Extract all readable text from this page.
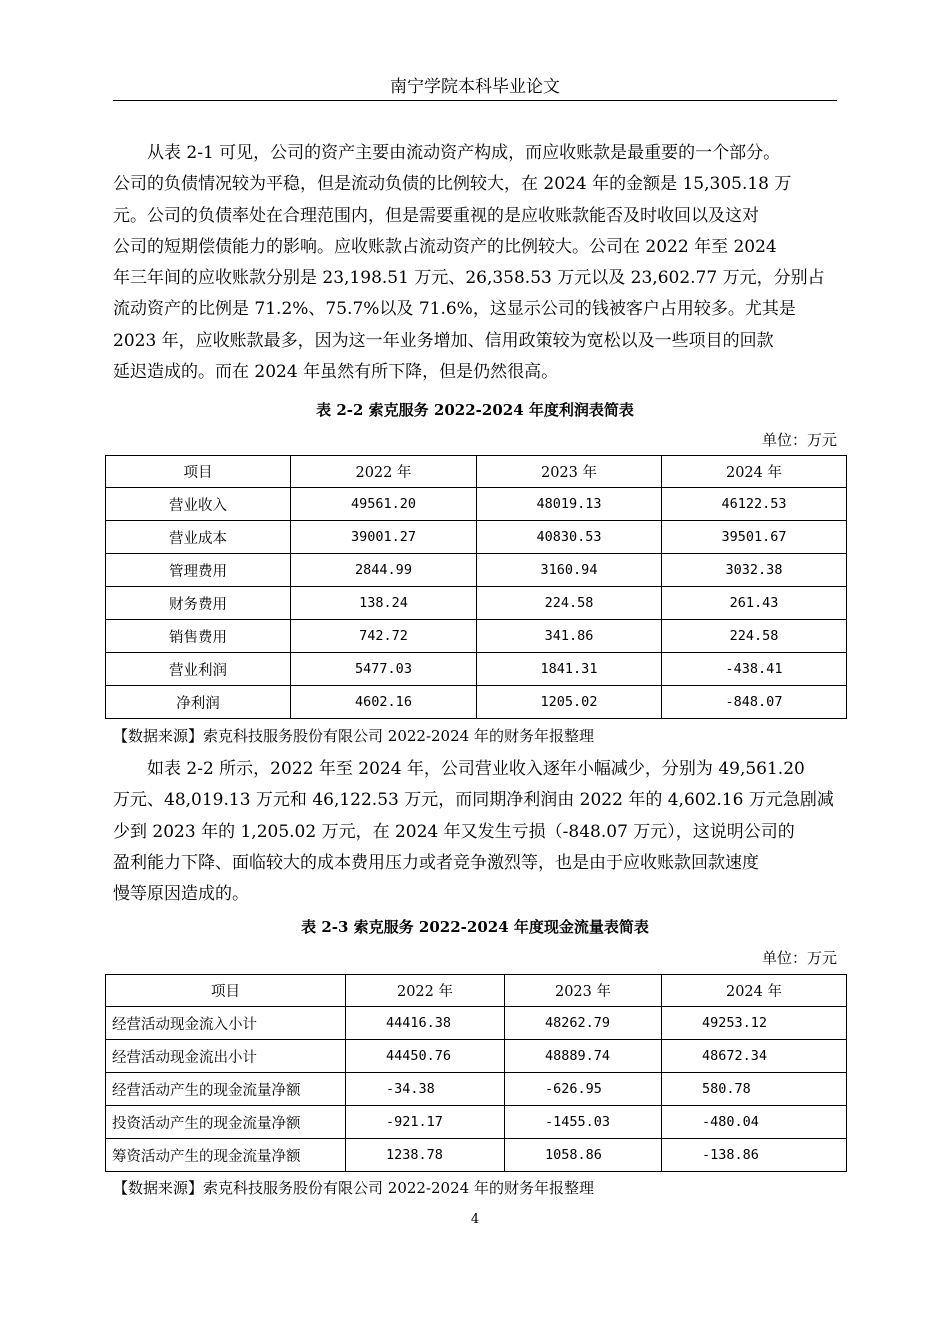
南宁学院本科毕业论文
从表 2-1 可见，公司的资产主要由流动资产构成，而应收账款是最重要的一个部分。
公司的负债情况较为平稳，但是流动负债的比例较大，在 2024 年的金额是 15,305.18 万
元。公司的负债率处在合理范围内，但是需要重视的是应收账款能否及时收回以及这对
公司的短期偿债能力的影响。应收账款占流动资产的比例较大。公司在 2022 年至 2024
年三年间的应收账款分别是 23,198.51 万元、26,358.53 万元以及 23,602.77 万元，分别占
流动资产的比例是 71.2%、75.7%以及 71.6%，这显示公司的钱被客户占用较多。尤其是
2023 年，应收账款最多，因为这一年业务增加、信用政策较为宽松以及一些项目的回款
延迟造成的。而在 2024 年虽然有所下降，但是仍然很高。
表 2-2 索克服务 2022-2024 年度利润表简表
单位：万元
项目	2022 年	2023 年	2024 年
营业收入	49561.20	48019.13	46122.53
营业成本	39001.27	40830.53	39501.67
管理费用	2844.99	3160.94	3032.38
财务费用	138.24	224.58	261.43
销售费用	742.72	341.86	224.58
营业利润	5477.03	1841.31	-438.41
净利润	4602.16	1205.02	-848.07
【数据来源】索克科技服务股份有限公司 2022-2024 年的财务年报整理
如表 2-2 所示，2022 年至 2024 年，公司营业收入逐年小幅减少，分别为 49,561.20
万元、48,019.13 万元和 46,122.53 万元，而同期净利润由 2022 年的 4,602.16 万元急剧减
少到 2023 年的 1,205.02 万元，在 2024 年又发生亏损（-848.07 万元），这说明公司的
盈利能力下降、面临较大的成本费用压力或者竞争激烈等，也是由于应收账款回款速度
慢等原因造成的。
表 2-3 索克服务 2022-2024 年度现金流量表简表
单位：万元
项目	2022 年	2023 年	2024 年
经营活动现金流入小计	44416.38	48262.79	49253.12
经营活动现金流出小计	44450.76	48889.74	48672.34
经营活动产生的现金流量净额	-34.38	-626.95	580.78
投资活动产生的现金流量净额	-921.17	-1455.03	-480.04
筹资活动产生的现金流量净额	1238.78	1058.86	-138.86
【数据来源】索克科技服务股份有限公司 2022-2024 年的财务年报整理
4
